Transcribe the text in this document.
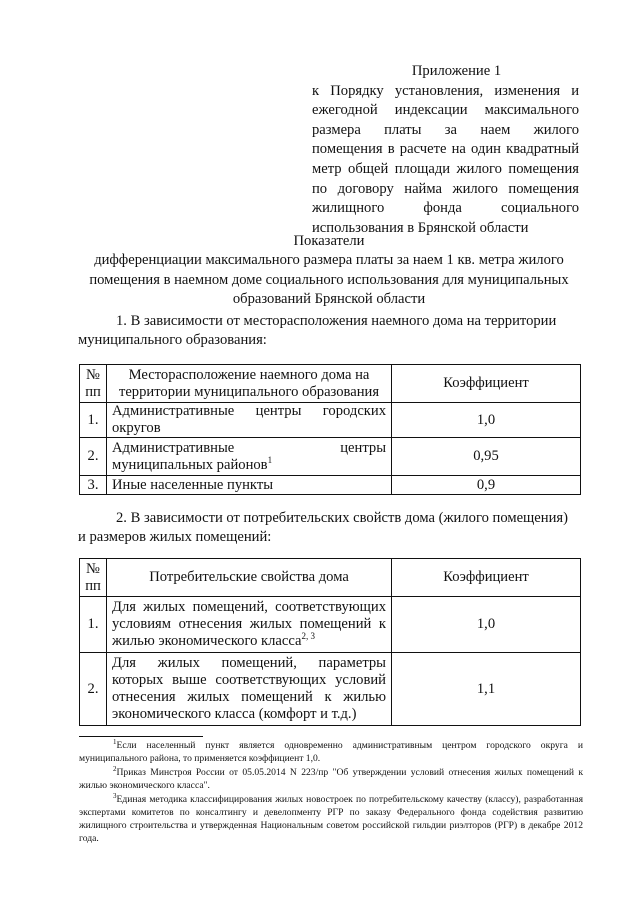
Приложение 1
к Порядку установления, изменения и
ежегодной индексации максимального
размера платы за наем жилого
помещения в расчете на один квадратный
метр общей площади жилого помещения
по договору найма жилого помещения
жилищного фонда социального
использования в Брянской области
Показатели
дифференциации максимального размера платы за наем 1 кв. метра жилого помещения в наемном доме социального использования для муниципальных образований Брянской области
1. В зависимости от месторасположения наемного дома на территории
муниципального образования:
№ пп	Месторасположение наемного дома на территории муниципального образования	Коэффициент
1.	Административные центры городских округов	1,0
2.	Административные центры муниципальных районов$^1$	0,95
3.	Иные населенные пункты	0,9
2. В зависимости от потребительских свойств дома (жилого помещения)
и размеров жилых помещений:
№ пп	Потребительские свойства дома	Коэффициент
1.	Для жилых помещений, соответствующих условиям отнесения жилых помещений к жилью экономического класса$^{2, 3}$	1,0
2.	Для жилых помещений, параметры которых выше соответствующих условий отнесения жилых помещений к жилью экономического класса (комфорт и т.д.)	1,1

$^1$Если населенный пункт является одновременно административным центром городского округа и муниципального района, то применяется коэффициент 1,0.

$^2$Приказ Минстроя России от 05.05.2014 N 223/пр "Об утверждении условий отнесения жилых помещений к жилью экономического класса".

$^3$Единая методика классифицирования жилых новостроек по потребительскому качеству (классу), разработанная экспертами комитетов по консалтингу и девелопменту РГР по заказу Федерального фонда содействия развитию жилищного строительства и утвержденная Национальным советом российской гильдии риэлторов (РГР) в декабре 2012 года.
